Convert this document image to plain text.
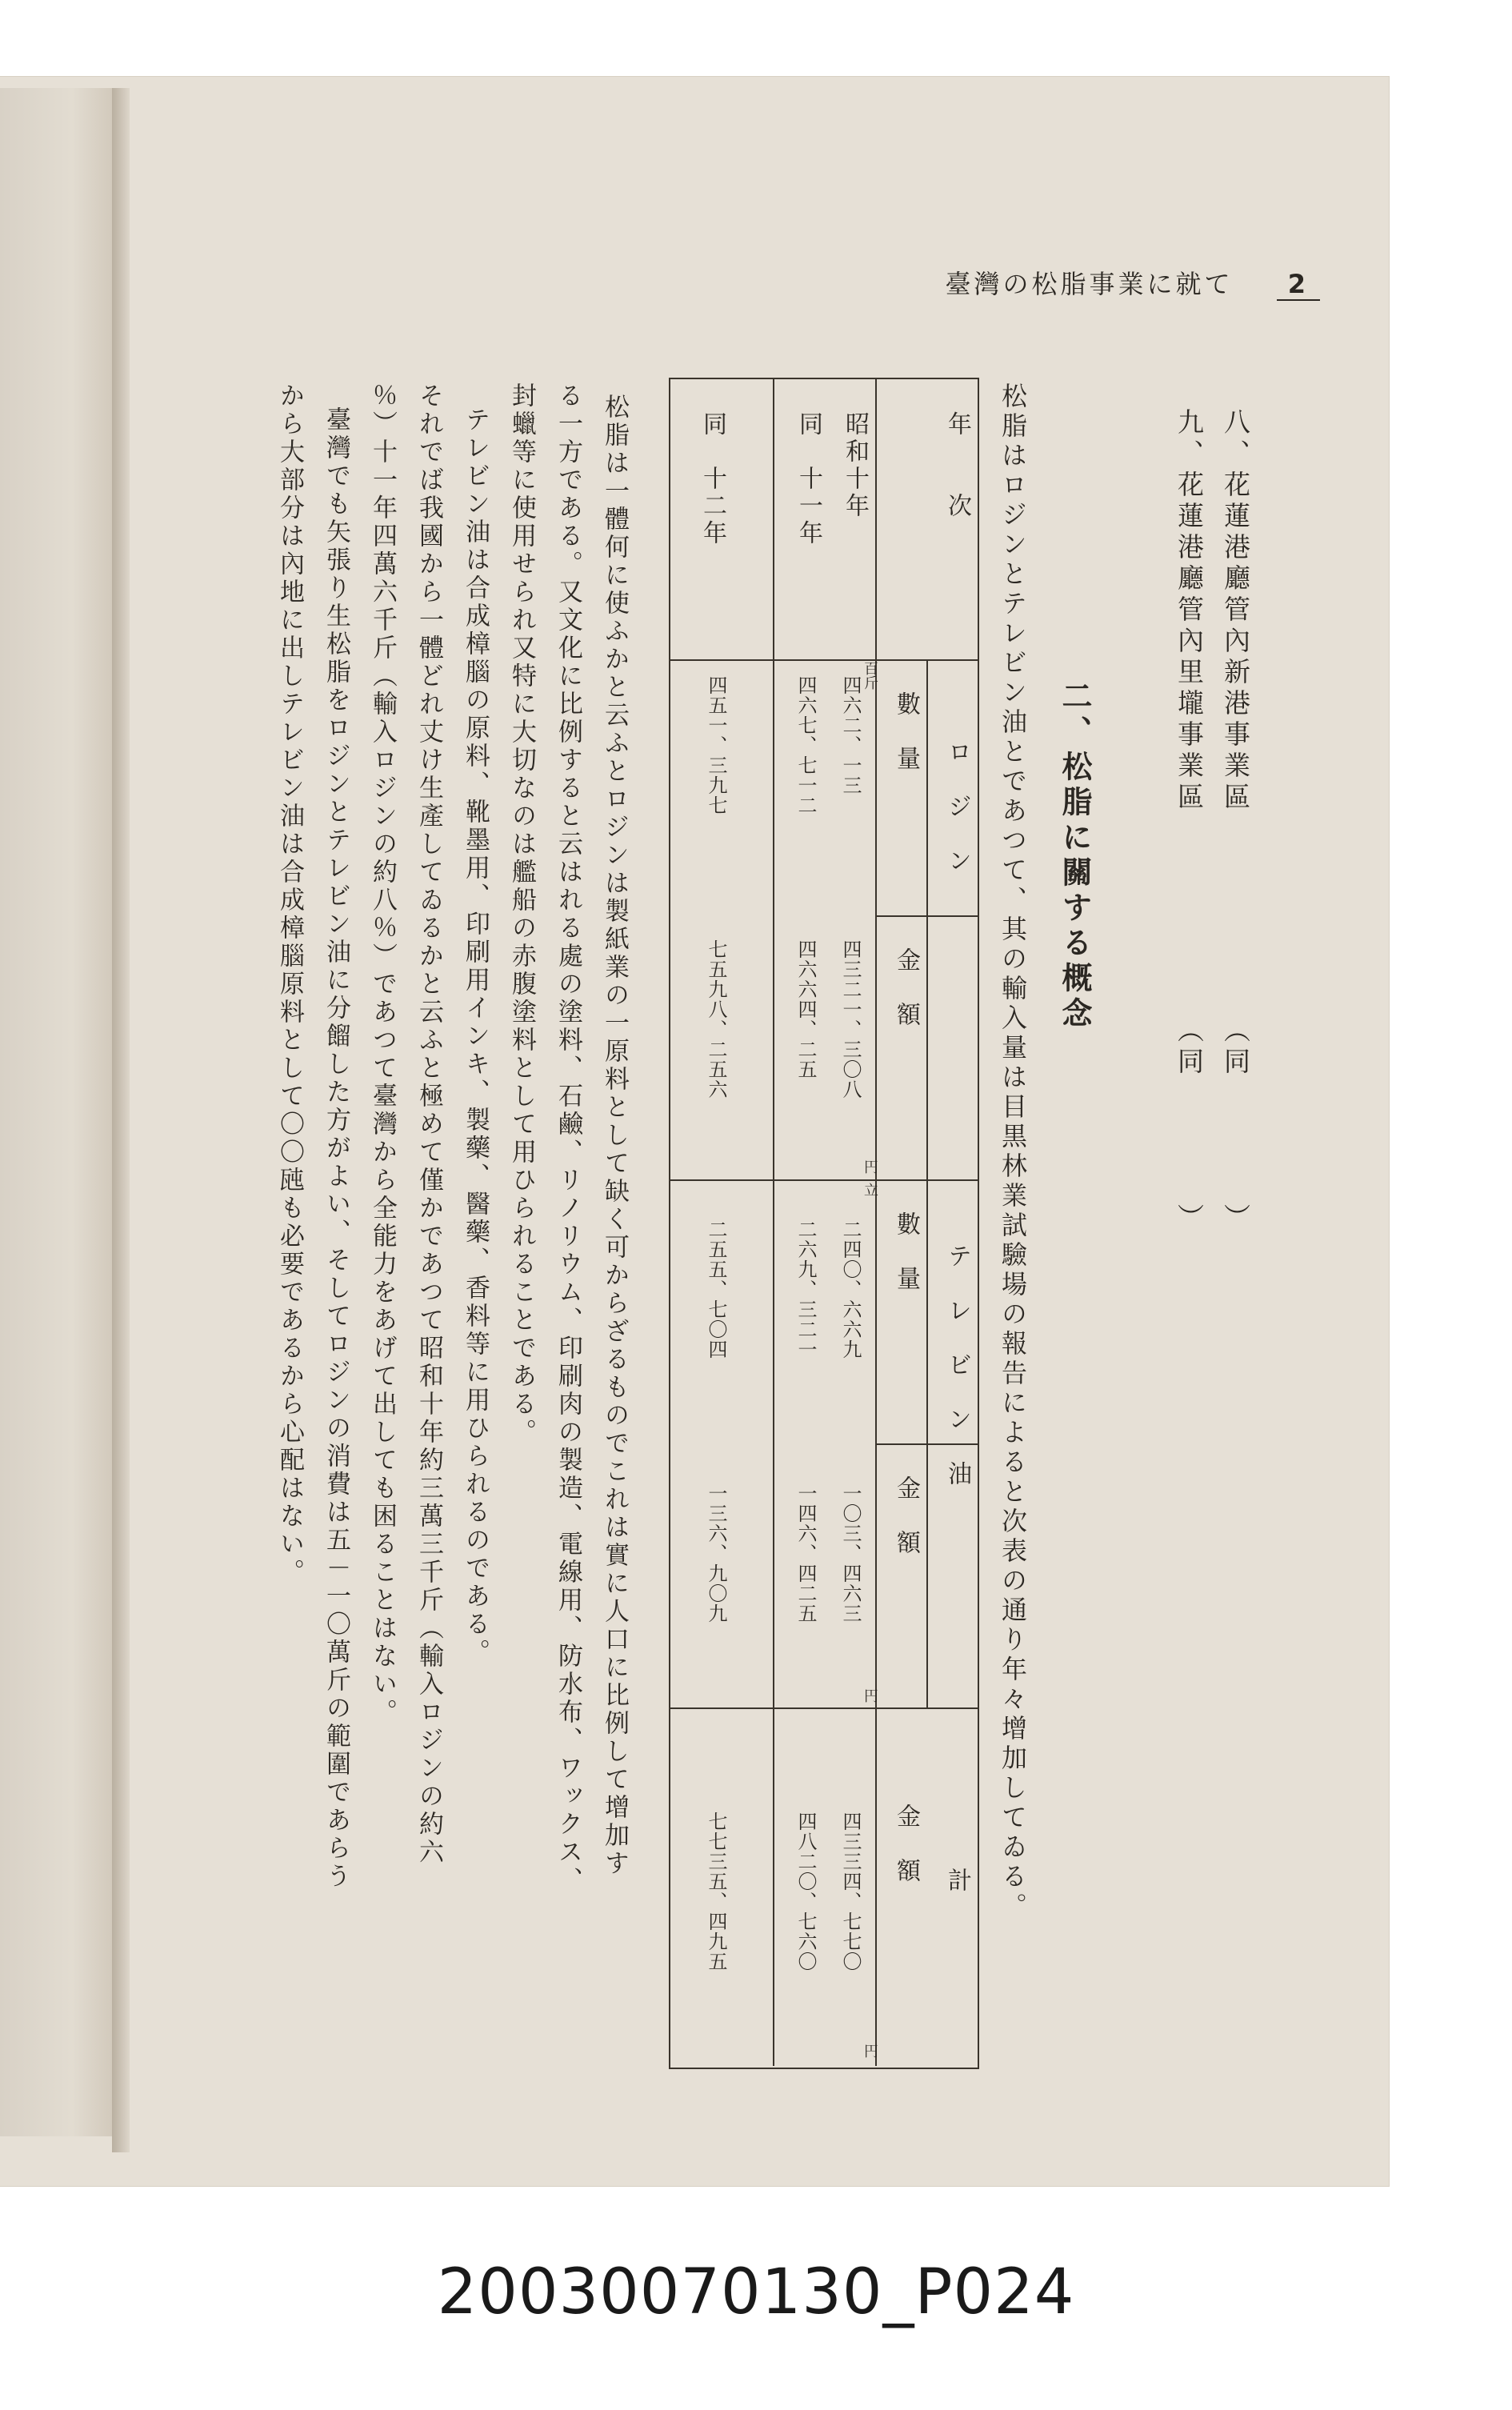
臺灣の松脂事業に就て 2
八、花蓮港廳管內新港事業區
（同　　　　）
九、花蓮港廳管內里壠事業區
（同　　　　）
二、松脂に關する概念
松脂はロジンとテレビン油とであつて、其の輸入量は目黒林業試驗場の報告によると次表の通り年々增加してゐる。
年　　次
ロ　ジ　ン
テ　レ　ビ　ン　油
計
數　量
金　額
數　量
金　額
金　額
百斤
円
立
円
円
昭和十年
四六二、一三
四三二一、三〇八
二四〇、六六九
一〇三、四六三
四三三四、七七〇
同　十一年
四六七、七一二
四六六四、二五
二六九、三二一
一四六、四二五
四八二〇、七六〇
同　十二年
四五一、三九七
七五九八、二五六
二五五、七〇四
一三六、九〇九
七七三五、四九五
松脂は一體何に使ふかと云ふとロジンは製紙業の一原料として缺く可からざるものでこれは實に人口に比例して增加す
る一方である。又文化に比例すると云はれる處の塗料、石鹼、リノリウム、印刷肉の製造、電線用、防水布、ワックス、
封蠟等に使用せられ又特に大切なのは艦船の赤腹塗料として用ひられることである。
テレビン油は合成樟腦の原料、靴墨用、印刷用インキ、製藥、醫藥、香料等に用ひられるのである。
それでば我國から一體どれ丈け生產してゐるかと云ふと極めて僅かであつて昭和十年約三萬三千斤（輸入ロジンの約六
％）十一年四萬六千斤（輸入ロジンの約八％）であつて臺灣から全能力をあげて出しても困ることはない。
臺灣でも矢張り生松脂をロジンとテレビン油に分餾した方がよい、そしてロジンの消費は五－一〇萬斤の範圍であらう
から大部分は內地に出しテレビン油は合成樟腦原料として〇〇瓲も必要であるから心配はない。
20030070130_P024
